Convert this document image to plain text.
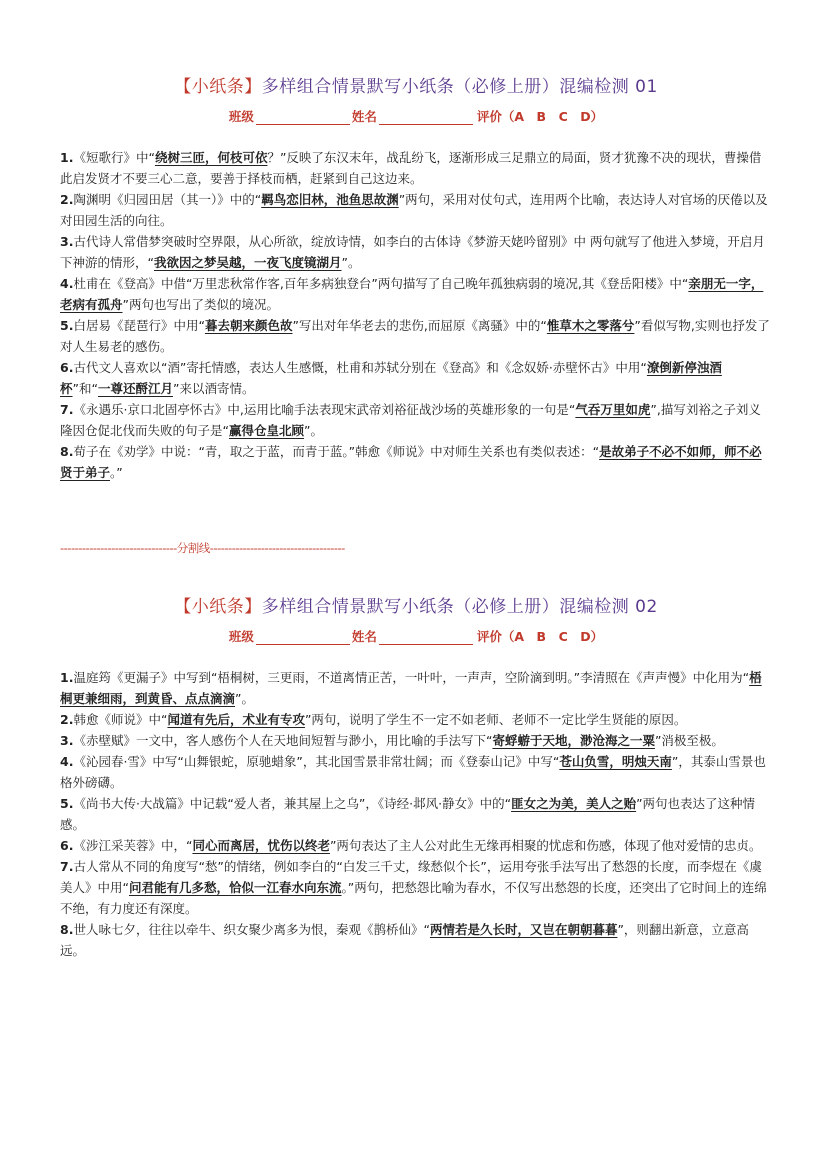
【小纸条】多样组合情景默写小纸条（必修上册）混编检测 01
班级	姓名	评价（A　B　C　D）

1.《短歌行》中“绕树三匝，何枝可依？”反映了东汉末年，战乱纷飞，逐渐形成三足鼎立的局面，贤才犹豫不决的现状，曹操借此启发贤才不要三心二意，要善于择枝而栖，赶紧到自己这边来。

2.陶渊明《归园田居（其一）》中的“羁鸟恋旧林，池鱼思故渊”两句，采用对仗句式，连用两个比喻，表达诗人对官场的厌倦以及对田园生活的向往。

3.古代诗人常借梦突破时空界限，从心所欲，绽放诗情，如李白的古体诗《梦游天姥吟留别》中 两句就写了他进入梦境，开启月下神游的情形，“我欲因之梦吴越，一夜飞度镜湖月”。

4.杜甫在《登高》中借“万里悲秋常作客,百年多病独登台”两句描写了自己晚年孤独病弱的境况,其《登岳阳楼》中“亲朋无一字，老病有孤舟”两句也写出了类似的境况。

5.白居易《琵琶行》中用“暮去朝来颜色故”写出对年华老去的悲伤,而屈原《离骚》中的“惟草木之零落兮”看似写物,实则也抒发了对人生易老的感伤。

6.古代文人喜欢以“酒”寄托情感，表达人生感慨，杜甫和苏轼分别在《登高》和《念奴娇·赤壁怀古》中用“潦倒新停浊酒杯”和“一尊还酹江月”来以酒寄情。

7.《永遇乐·京口北固亭怀古》中,运用比喻手法表现宋武帝刘裕征战沙场的英雄形象的一句是“气吞万里如虎”,描写刘裕之子刘义隆因仓促北伐而失败的句子是“赢得仓皇北顾”。

8.荀子在《劝学》中说：“青，取之于蓝，而青于蓝。”韩愈《师说》中对师生关系也有类似表述：“是故弟子不必不如师，师不必贤于弟子。”

--------------------------------分割线-------------------------------------
【小纸条】多样组合情景默写小纸条（必修上册）混编检测 02
班级	姓名	评价（A　B　C　D）

1.温庭筠《更漏子》中写到“梧桐树，三更雨，不道离情正苦，一叶叶，一声声，空阶滴到明。”李清照在《声声慢》中化用为“梧桐更兼细雨，到黄昏、点点滴滴”。

2.韩愈《师说》中“闻道有先后，术业有专攻”两句，说明了学生不一定不如老师、老师不一定比学生贤能的原因。

3.《赤壁赋》一文中，客人感伤个人在天地间短暂与渺小，用比喻的手法写下“寄蜉蝣于天地，渺沧海之一粟”消极至极。

4.《沁园春·雪》中写“山舞银蛇，原驰蜡象”，其北国雪景非常壮阔；而《登泰山记》中写“苍山负雪，明烛天南”，其泰山雪景也格外磅礴。

5.《尚书大传·大战篇》中记载“爱人者，兼其屋上之乌”，《诗经·邶风·静女》中的“匪女之为美，美人之贻”两句也表达了这种情感。

6.《涉江采芙蓉》中，“同心而离居，忧伤以终老”两句表达了主人公对此生无缘再相聚的忧虑和伤感，体现了他对爱情的忠贞。

7.古人常从不同的角度写“愁”的情绪，例如李白的“白发三千丈，缘愁似个长”，运用夸张手法写出了愁怨的长度，而李煜在《虞美人》中用“问君能有几多愁，恰似一江春水向东流。”两句，把愁怨比喻为春水，不仅写出愁怨的长度，还突出了它时间上的连绵不绝，有力度还有深度。

8.世人咏七夕，往往以牵牛、织女聚少离多为恨，秦观《鹊桥仙》“两情若是久长时，又岂在朝朝暮暮”，则翻出新意，立意高远。
